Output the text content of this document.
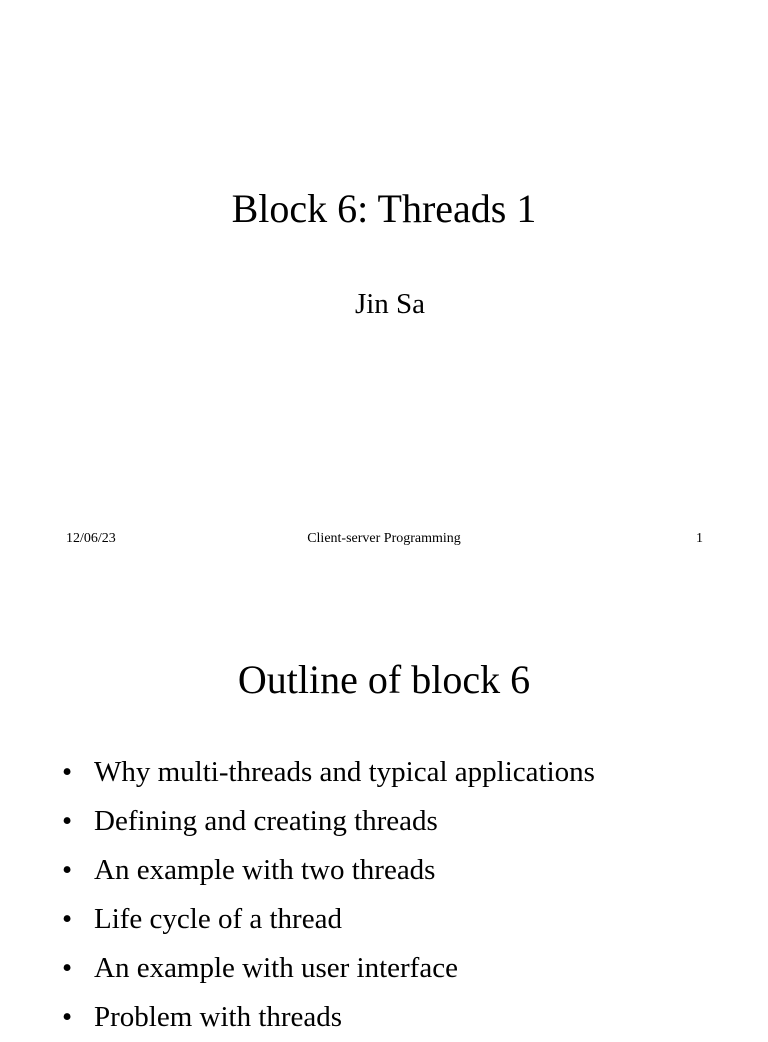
Block 6: Threads 1
Jin Sa
12/06/23	Client-server Programming	1
Outline of block 6
• Why multi-threads and typical applications
• Defining and creating threads
• An example with two threads
• Life cycle of a thread
• An example with user interface
• Problem with threads
